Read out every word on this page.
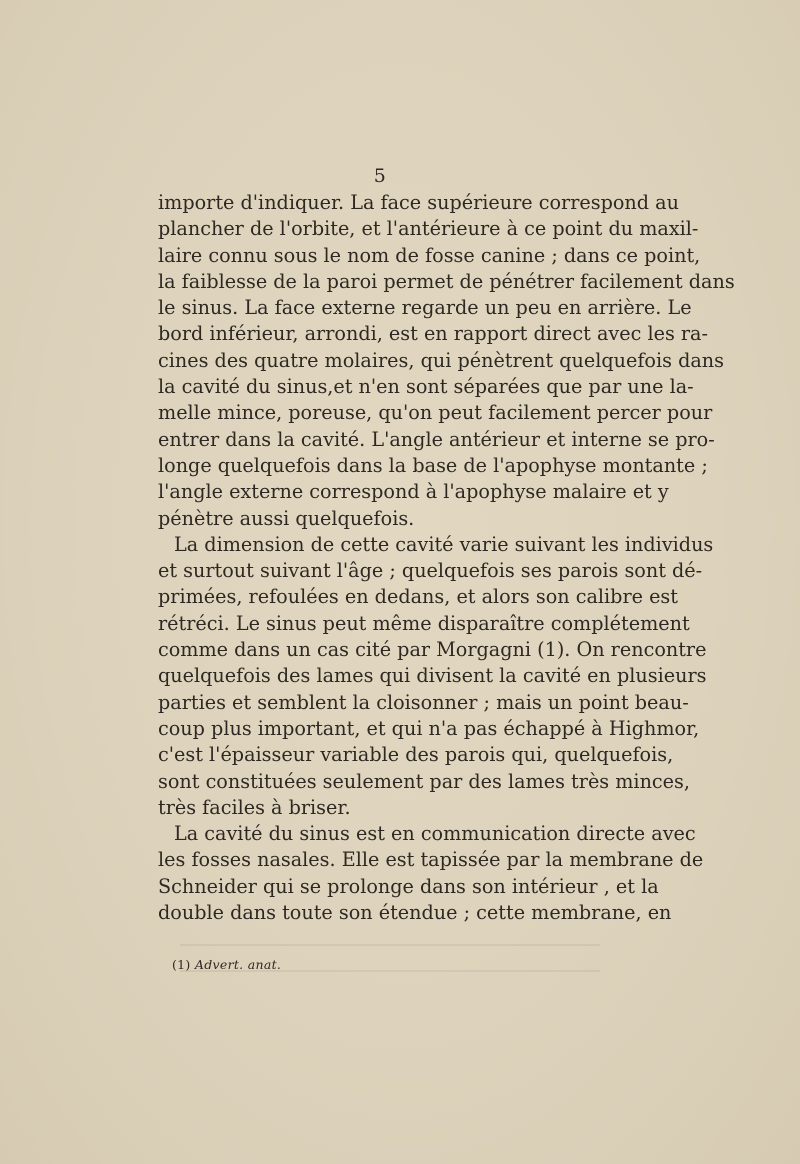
5
importe d'indiquer. La face supérieure correspond au
plancher de l'orbite, et l'antérieure à ce point du maxil-
laire connu sous le nom de fosse canine ; dans ce point,
la faiblesse de la paroi permet de pénétrer facilement dans
le sinus. La face externe regarde un peu en arrière. Le
bord inférieur, arrondi, est en rapport direct avec les ra-
cines des quatre molaires, qui pénètrent quelquefois dans
la cavité du sinus,et n'en sont séparées que par une la-
melle mince, poreuse, qu'on peut facilement percer pour
entrer dans la cavité. L'angle antérieur et interne se pro-
longe quelquefois dans la base de l'apophyse montante ;
l'angle externe correspond à l'apophyse malaire et y
pénètre aussi quelquefois.
La dimension de cette cavité varie suivant les individus
et surtout suivant l'âge ; quelquefois ses parois sont dé-
primées, refoulées en dedans, et alors son calibre est
rétréci. Le sinus peut même disparaître complétement
comme dans un cas cité par Morgagni (1). On rencontre
quelquefois des lames qui divisent la cavité en plusieurs
parties et semblent la cloisonner ; mais un point beau-
coup plus important, et qui n'a pas échappé à Highmor,
c'est l'épaisseur variable des parois qui, quelquefois,
sont constituées seulement par des lames très minces,
très faciles à briser.
La cavité du sinus est en communication directe avec
les fosses nasales. Elle est tapissée par la membrane de
Schneider qui se prolonge dans son intérieur , et la
double dans toute son étendue ; cette membrane, en
(1) Advert. anat.
